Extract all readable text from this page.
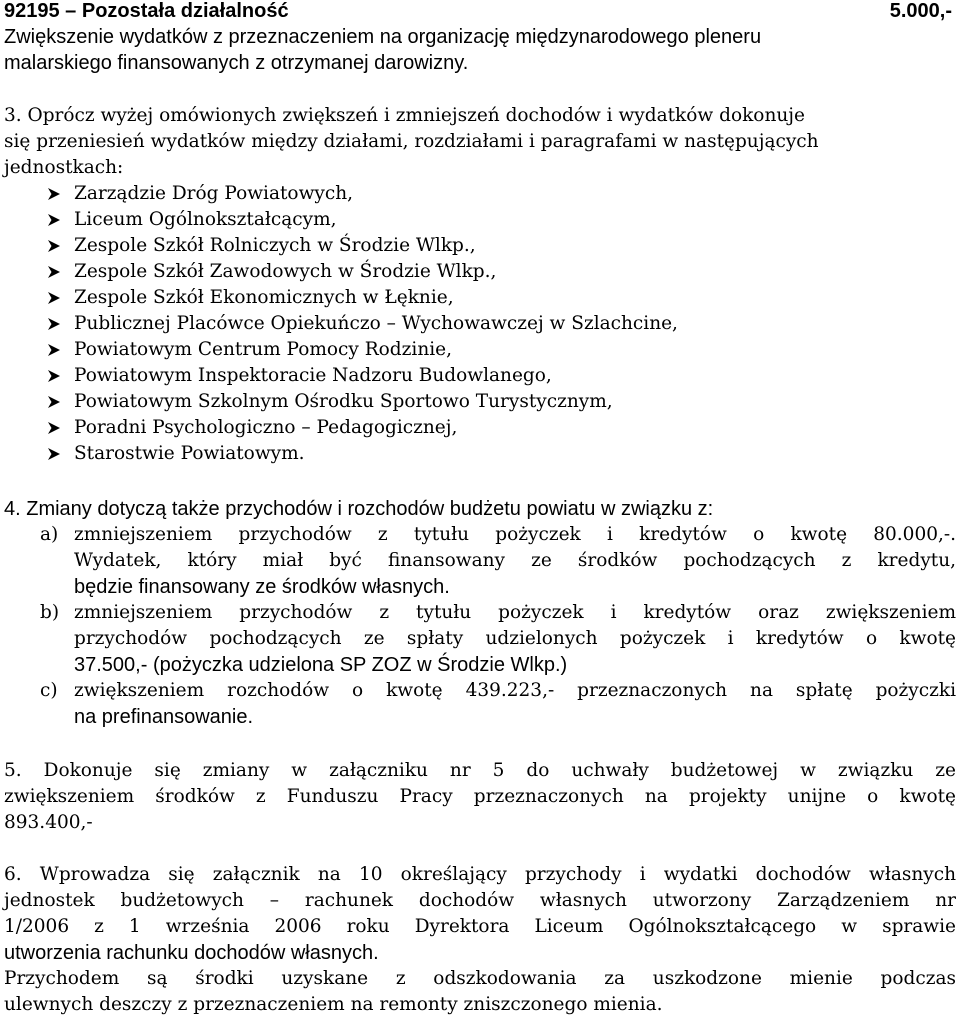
92195 – Pozostała działalność	5.000,-
Zwiększenie wydatków z przeznaczeniem na organizację międzynarodowego pleneru
malarskiego finansowanych z otrzymanej darowizny.
3. Oprócz wyżej omówionych zwiększeń i zmniejszeń dochodów i wydatków dokonuje
się przeniesień wydatków między działami, rozdziałami i paragrafami w następujących
jednostkach:
Zarządzie Dróg Powiatowych,
Liceum Ogólnokształcącym,
Zespole Szkół Rolniczych w Środzie Wlkp.,
Zespole Szkół Zawodowych w Środzie Wlkp.,
Zespole Szkół Ekonomicznych w Łęknie,
Publicznej Placówce Opiekuńczo – Wychowawczej w Szlachcine,
Powiatowym Centrum Pomocy Rodzinie,
Powiatowym Inspektoracie Nadzoru Budowlanego,
Powiatowym Szkolnym Ośrodku Sportowo Turystycznym,
Poradni Psychologiczno – Pedagogicznej,
Starostwie Powiatowym.
4. Zmiany dotyczą także przychodów i rozchodów budżetu powiatu w związku z:
a) zmniejszeniem przychodów z tytułu pożyczek i kredytów o kwotę 80.000,-.
Wydatek, który miał być finansowany ze środków pochodzących z kredytu,
będzie finansowany ze środków własnych.
b) zmniejszeniem przychodów z tytułu pożyczek i kredytów oraz zwiększeniem
przychodów pochodzących ze spłaty udzielonych pożyczek i kredytów o kwotę
37.500,- (pożyczka udzielona SP ZOZ w Środzie Wlkp.)
c) zwiększeniem rozchodów o kwotę 439.223,- przeznaczonych na spłatę pożyczki
na prefinansowanie.
5. Dokonuje się zmiany w załączniku nr 5 do uchwały budżetowej w związku ze
zwiększeniem środków z Funduszu Pracy przeznaczonych na projekty unijne o kwotę
893.400,-
6. Wprowadza się załącznik na 10 określający przychody i wydatki dochodów własnych
jednostek budżetowych – rachunek dochodów własnych utworzony Zarządzeniem nr
1/2006 z 1 września 2006 roku Dyrektora Liceum Ogólnokształcącego w sprawie
utworzenia rachunku dochodów własnych.
Przychodem są środki uzyskane z odszkodowania za uszkodzone mienie podczas
ulewnych deszczy z przeznaczeniem na remonty zniszczonego mienia.
